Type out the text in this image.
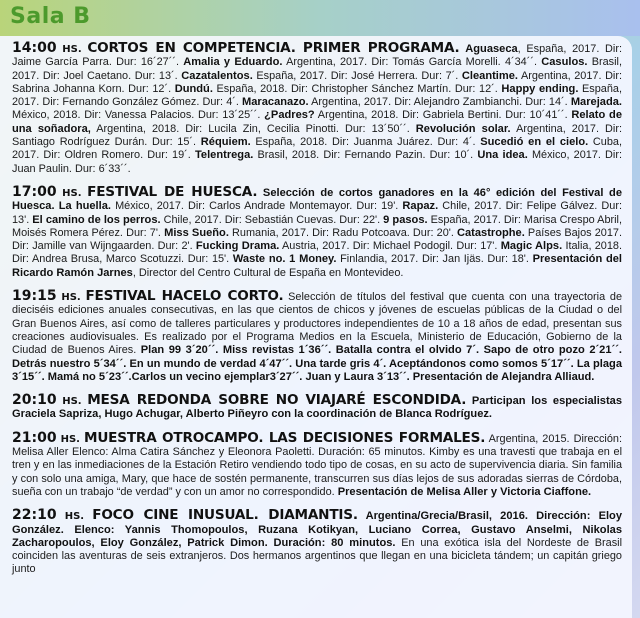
Sala B
14:00 HS. CORTOS EN COMPETENCIA. PRIMER PROGRAMA. Aguaseca, España, 2017. Dir: Jaime García Parra. Dur: 16´27´´. Amalia y Eduardo. Argentina, 2017. Dir: Tomás García Morelli. 4´34´´. Casulos. Brasil, 2017. Dir: Joel Caetano. Dur: 13´. Cazatalentos. España, 2017. Dir: José Herrera. Dur: 7´. Cleantime. Argentina, 2017. Dir: Sabrina Johanna Korn. Dur: 12´. Dundú. España, 2018. Dir: Christopher Sánchez Martín. Dur: 12´. Happy ending. España, 2017. Dir: Fernando González Gómez. Dur: 4´. Maracanazo. Argentina, 2017. Dir: Alejandro Zambianchi. Dur: 14´. Marejada. México, 2018. Dir: Vanessa Palacios. Dur: 13´25´´. ¿Padres? Argentina, 2018. Dir: Gabriela Bertini. Dur: 10´41´´. Relato de una soñadora, Argentina, 2018. Dir: Lucila Zin, Cecilia Pinotti. Dur: 13´50´´. Revolución solar. Argentina, 2017. Dir: Santiago Rodríguez Durán. Dur: 15´. Réquiem. España, 2018. Dir: Juanma Juárez. Dur: 4´. Sucedió en el cielo. Cuba, 2017. Dir: Oldren Romero. Dur: 19´. Telentrega. Brasil, 2018. Dir: Fernando Pazin. Dur: 10´. Una idea. México, 2017. Dir: Juan Paulin. Dur: 6´33´´.
17:00 HS. FESTIVAL DE HUESCA. Selección de cortos ganadores en la 46° edición del Festival de Huesca. La huella. México, 2017. Dir: Carlos Andrade Montemayor. Dur: 19'. Rapaz. Chile, 2017. Dir: Felipe Gálvez. Dur: 13'. El camino de los perros. Chile, 2017. Dir: Sebastián Cuevas. Dur: 22'. 9 pasos. España, 2017. Dir: Marisa Crespo Abril, Moisés Romera Pérez. Dur: 7'. Miss Sueño. Rumania, 2017. Dir: Radu Potcoava. Dur: 20'. Catastrophe. Países Bajos 2017. Dir: Jamille van Wijngaarden. Dur: 2'. Fucking Drama. Austria, 2017. Dir: Michael Podogil. Dur: 17'. Magic Alps. Italia, 2018. Dir: Andrea Brusa, Marco Scotuzzi. Dur: 15'. Waste no. 1 Money. Finlandia, 2017. Dir: Jan Ijäs. Dur: 18'. Presentación del Ricardo Ramón Jarnes, Director del Centro Cultural de España en Montevideo.
19:15 HS. FESTIVAL HACELO CORTO. Selección de títulos del festival que cuenta con una trayectoria de dieciséis ediciones anuales consecutivas, en las que cientos de chicos y jóvenes de escuelas públicas de la Ciudad o del Gran Buenos Aires, así como de talleres particulares y productores independientes de 10 a 18 años de edad, presentan sus creaciones audiovisuales. Es realizado por el Programa Medios en la Escuela, Ministerio de Educación, Gobierno de la Ciudad de Buenos Aires. Plan 99 3´20´´. Miss revistas 1´36´´. Batalla contra el olvido 7´. Sapo de otro pozo 2´21´´. Detrás nuestro 5´34´´. En un mundo de verdad 4´47´´. Una tarde gris 4´. Aceptándonos como somos 5´17´´. La plaga 3´15´´. Mamá no 5´23´´.Carlos un vecino ejemplar3´27´´. Juan y Laura 3´13´´. Presentación de Alejandra Alliaud.
20:10 HS. MESA REDONDA SOBRE NO VIAJARÉ ESCONDIDA. Participan los especialistas Graciela Sapriza, Hugo Achugar, Alberto Piñeyro con la coordinación de Blanca Rodríguez.
21:00 HS. MUESTRA OTROCAMPO. LAS DECISIONES FORMALES. Argentina, 2015. Dirección: Melisa Aller Elenco: Alma Catira Sánchez y Eleonora Paoletti. Duración: 65 minutos. Kimby es una travesti que trabaja en el tren y en las inmediaciones de la Estación Retiro vendiendo todo tipo de cosas, en su acto de supervivencia diaria. Sin familia y con solo una amiga, Mary, que hace de sostén permanente, transcurren sus días lejos de sus adoradas sierras de Córdoba, sueña con un trabajo “de verdad” y con un amor no correspondido. Presentación de Melisa Aller y Victoria Ciaffone.
22:10 HS. FOCO CINE INUSUAL. DIAMANTIS. Argentina/Grecia/Brasil, 2016. Dirección: Eloy González. Elenco: Yannis Thomopoulos, Ruzana Kotikyan, Luciano Correa, Gustavo Anselmi, Nikolas Zacharopoulos, Eloy González, Patrick Dimon. Duración: 80 minutos. En una exótica isla del Nordeste de Brasil coinciden las aventuras de seis extranjeros. Dos hermanos argentinos que llegan en una bicicleta tándem; un capitán griego junto
